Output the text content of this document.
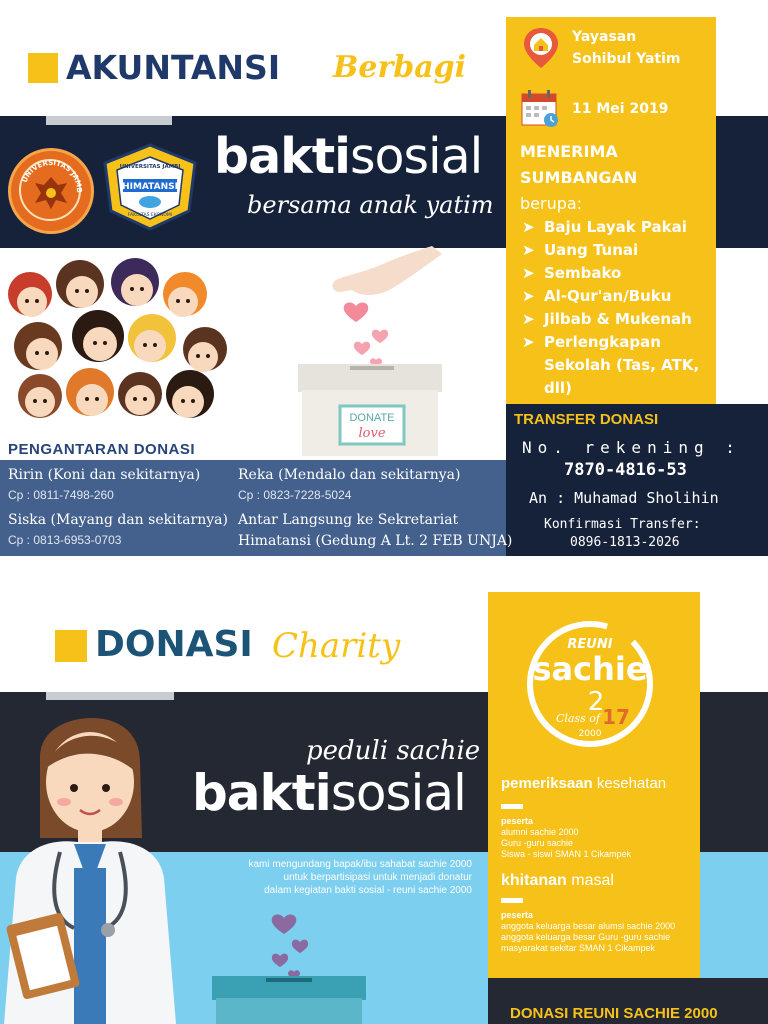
AKUNTANSI Berbagi
UNIVERSITAS JAMB	HIMATANSI
UNIVERSITAS JAMBI
FAKULTAS EKONOMI
baktisosial
bersama anak yatim
Yayasan
Sohibul Yatim
11 Mei 2019
MENERIMA
SUMBANGAN
berupa:
➤ Baju Layak Pakai
➤ Uang Tunai
➤ Sembako
➤ Al-Qur'an/Buku
➤ Jilbab & Mukenah
➤ Perlengkapan Sekolah (Tas, ATK, dll)
TRANSFER DONASI
No. rekening :
7870-4816-53
An : Muhamad Sholihin
Konfirmasi Transfer:
0896-1813-2026
DONATE
love
PENGANTARAN DONASI
Ririn (Koni dan sekitarnya)
Cp : 0811-7498-260
Reka (Mendalo dan sekitarnya)
Cp : 0823-7228-5024
Siska (Mayang dan sekitarnya)
Cp : 0813-6953-0703
Antar Langsung ke Sekretariat
Himatansi (Gedung A Lt. 2 FEB UNJA)
DONASI Charity
peduli sachie
baktisosial
kami mengundang bapak/ibu sahabat sachie 2000
untuk berpartisipasi untuk menjadi donatur
dalam kegiatan bakti sosial - reuni sachie 2000
REUNI
sachie
2
Class of 17
2000
pemeriksaan kesehatan
peserta
alumni sachie 2000
Guru -guru sachie
Siswa - siswi SMAN 1 Cikampek
khitanan masal
peserta
anggota keluarga besar alumsi sachie 2000
anggota keluarga besar Guru -guru sachie
masyarakat sekitar SMAN 1 Cikampek
DONASI REUNI SACHIE 2000
